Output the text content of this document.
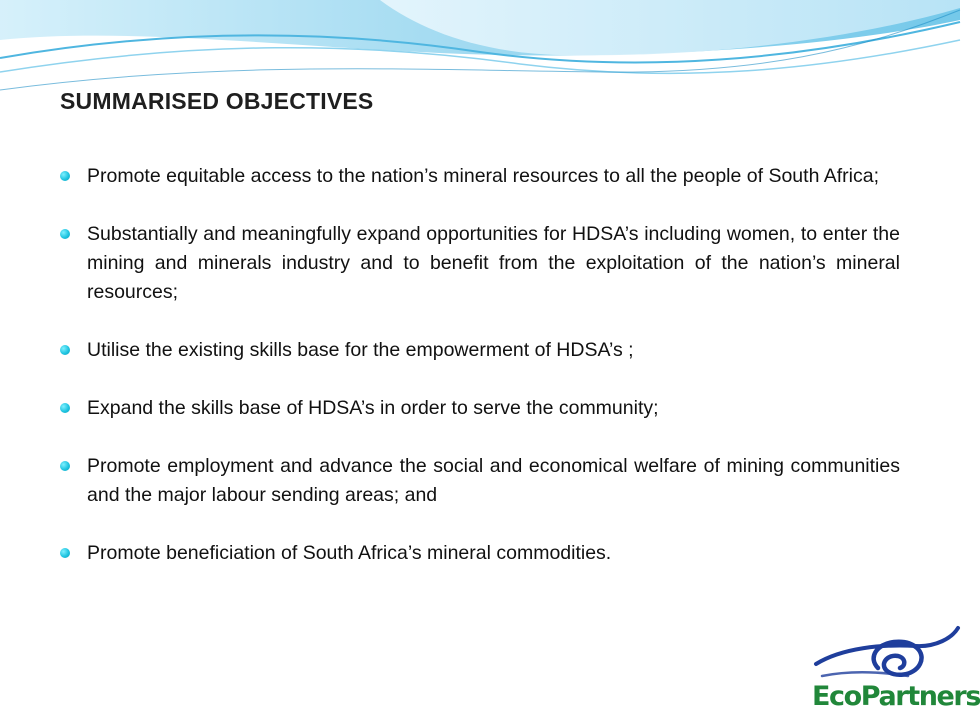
SUMMARISED OBJECTIVES
Promote equitable access to the nation’s mineral resources to all the people of South Africa;
Substantially and meaningfully expand opportunities for HDSA’s including women, to enter the mining and minerals industry and to benefit from the exploitation of the nation’s mineral resources;
Utilise the existing skills base for the empowerment of HDSA’s ;
Expand the skills base of HDSA’s in order to serve the community;
Promote employment and advance the social and economical welfare of mining communities and the major labour sending areas; and
Promote beneficiation of South Africa’s mineral commodities.
EcoPartners
